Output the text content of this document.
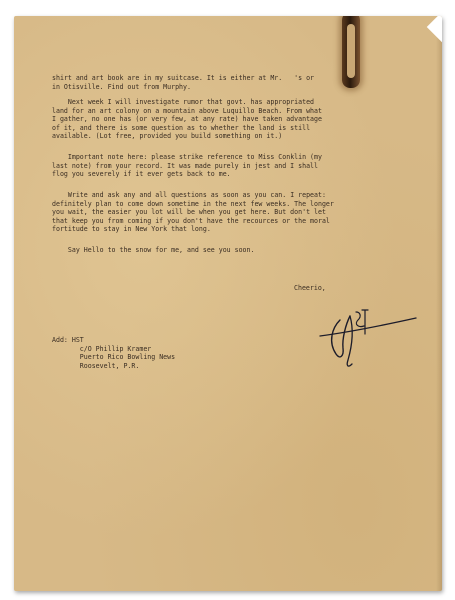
shirt and art book are in my suitcase. It is either at Mr.   's or
in Otisville. Find out from Murphy.
Next week I will investigate rumor that govt. has appropriated
land for an art colony on a mountain above Luquillo Beach. From what
I gather, no one has (or very few, at any rate) have taken advantage
of it, and there is some question as to whether the land is still
available. (Lot free, provided you build something on it.)
Important note here: please strike reference to Miss Conklin (my
last note) from your record. It was made purely in jest and I shall
flog you severely if it ever gets back to me.
Write and ask any and all questions as soon as you can. I repeat:
definitely plan to come down sometime in the next few weeks. The longer
you wait, the easier you lot will be when you get here. But don't let
that keep you from coming if you don't have the recources or the moral
fortitude to stay in New York that long.
Say Hello to the snow for me, and see you soon.
Cheerio,
Add: HST
c/O Phillip Kramer
Puerto Rico Bowling News
Roosevelt, P.R.
